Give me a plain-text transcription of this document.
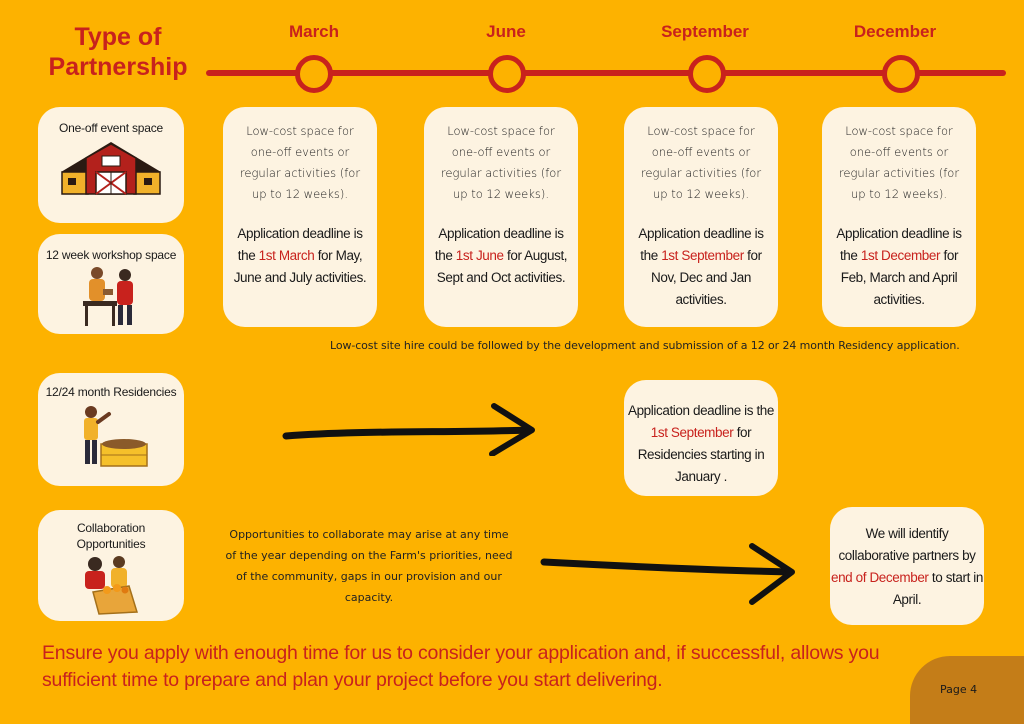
Type of
Partnership
March	June	September	December
One-off event space
12 week workshop space
12/24 month Residencies
Collaboration Opportunities
Low-cost space for one-off events or regular activities (for up to 12 weeks).
Application deadline is the 1st March for May, June and July activities.
Low-cost space for one-off events or regular activities (for up to 12 weeks).
Application deadline is the 1st June for August, Sept and Oct activities.
Low-cost space for one-off events or regular activities (for up to 12 weeks).
Application deadline is the 1st September for Nov, Dec and Jan activities.
Low-cost space for one-off events or regular activities (for up to 12 weeks).
Application deadline is the 1st December for Feb, March and April activities.
Low-cost site hire could be followed by the development and submission of a 12 or 24 month Residency application.
Application deadline is the 1st September for Residencies starting in January .
Opportunities to collaborate may arise at any time of the year depending on the Farm's priorities, need of the community, gaps in our provision and our capacity.
We will identify collaborative partners by end of December to start in April.
Ensure you apply with enough time for us to consider your application and, if successful, allows you sufficient time to prepare and plan your project before you start delivering.	Page 4
